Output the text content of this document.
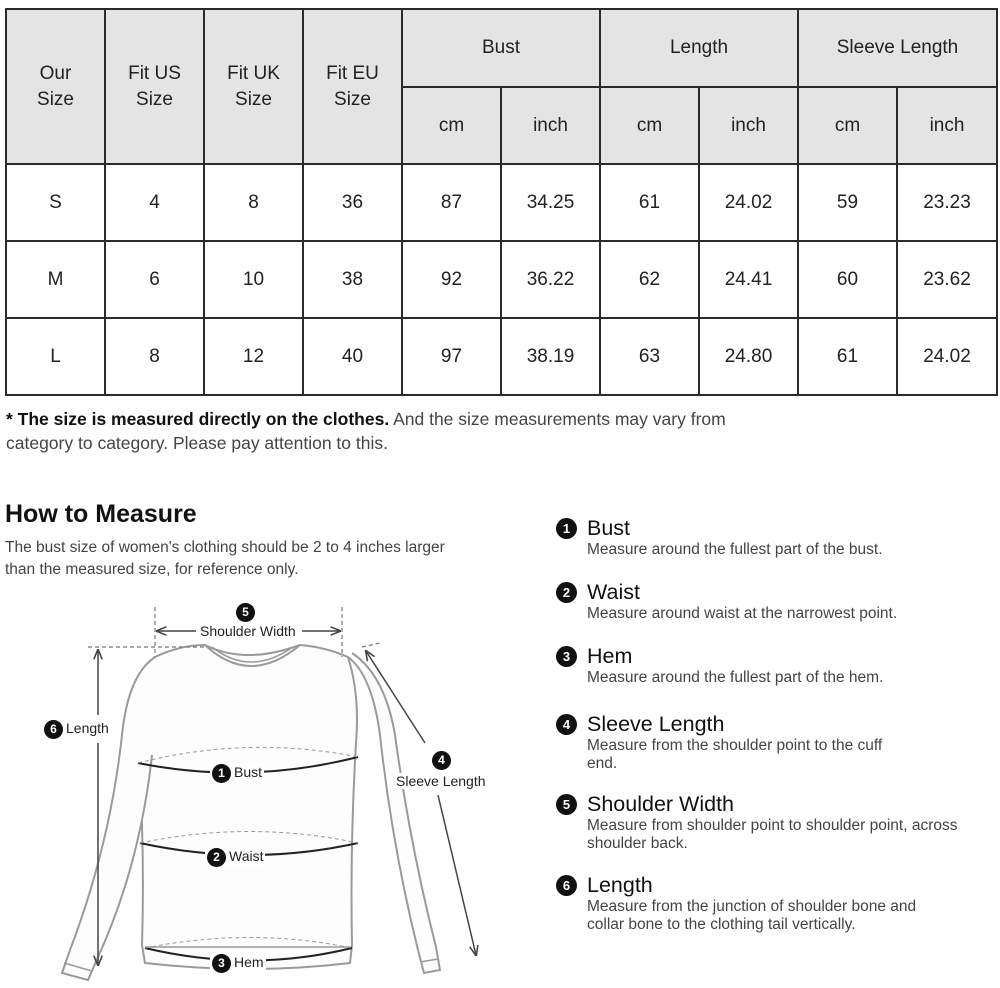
Our Size	Fit US Size	Fit UK Size	Fit EU Size	Bust		Length		Sleeve Length	
				cm	inch	cm	inch	cm	inch
S	4	8	36	87	34.25	61	24.02	59	23.23
M	6	10	38	92	36.22	62	24.41	60	23.62
L	8	12	40	97	38.19	63	24.80	61	24.02
* The size is measured directly on the clothes. And the size measurements may vary from category to category. Please pay attention to this.
How to Measure
The bust size of women's clothing should be 2 to 4 inches larger than the measured size, for reference only.
5
Shoulder Width
6 Length
4
Sleeve Length
1 Bust
2 Waist
3 Hem
1 Bust
Measure around the fullest part of the bust.
2 Waist
Measure around waist at the narrowest point.
3 Hem
Measure around the fullest part of the hem.
4 Sleeve Length
Measure from the shoulder point to the cuff end.
5 Shoulder Width
Measure from shoulder point to shoulder point, across shoulder back.
6 Length
Measure from the junction of shoulder bone and collar bone to the clothing tail vertically.
